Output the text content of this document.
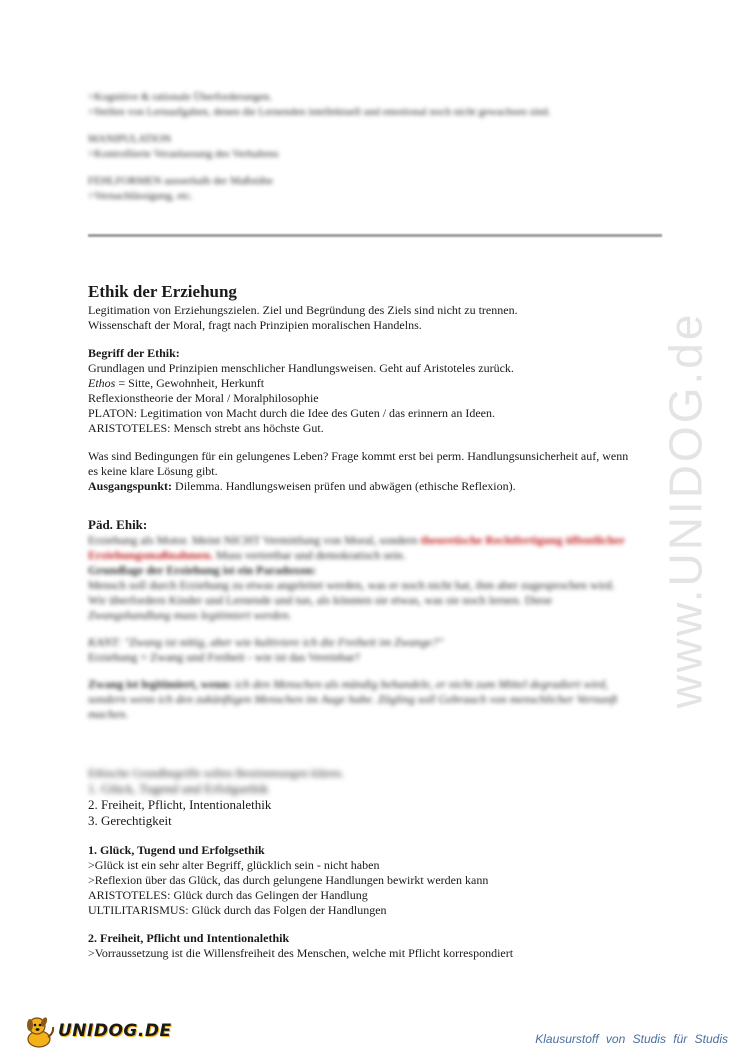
>Kognitive & rationale Überforderungen.
>Stellen von Lernaufgaben, denen die Lernenden intellektuell und emotional noch nicht gewachsen sind.
MANIPULATION
>Kontrollierte Veranlassung des Verhaltens
FEHLFORMEN ausserhalb der Maßstäbe
>Vernachlässigung, etc.
www.UNIDOG.de
Ethik der Erziehung
Legitimation von Erziehungszielen. Ziel und Begründung des Ziels sind nicht zu trennen.
Wissenschaft der Moral, fragt nach Prinzipien moralischen Handelns.
Begriff der Ethik:
Grundlagen und Prinzipien menschlicher Handlungsweisen. Geht auf Aristoteles zurück.
Ethos = Sitte, Gewohnheit, Herkunft
Reflexionstheorie der Moral / Moralphilosophie
PLATON: Legitimation von Macht durch die Idee des Guten / das erinnern an Ideen.
ARISTOTELES: Mensch strebt ans höchste Gut.
Was sind Bedingungen für ein gelungenes Leben? Frage kommt erst bei perm. Handlungsunsicherheit auf, wenn
es keine klare Lösung gibt.
Ausgangspunkt: Dilemma. Handlungsweisen prüfen und abwägen (ethische Reflexion).
Päd. Ehik:
Erziehung als Motor. Meint NICHT Vermittlung von Moral, sondern theoretische Rechtfertigung öffentlicher
Erziehungsmaßnahmen. Muss vertretbar und demokratisch sein.
Grundlage der Erziehung ist ein Paradoxon:
Mensch soll durch Erziehung zu etwas angeleitet werden, was er noch nicht hat, ihm aber zugesprochen wird.
Wir überfordern Kinder und Lernende und tun, als könnten sie etwas, was sie noch lernen. Diese
Zwangshandlung muss legitimiert werden.
KANT: "Zwang ist nötig, aber wie kultiviere ich die Freiheit im Zwange?"
Erziehung = Zwang und Freiheit - wie ist das Vereinbar?
Zwang ist legitimiert, wenn: ich den Menschen als mündig behandele, er nicht zum Mittel degradiert wird,
sondern wenn ich den zukünftigen Menschen im Auge habe. Zögling soll Gebrauch von menschlicher Vernunft
machen.
Ethische Grundbegriffe sollen Bestimmungen klären.
1. Glück, Tugend und Erfolgsethik
2. Freiheit, Pflicht, Intentionalethik
3. Gerechtigkeit
1. Glück, Tugend und Erfolgsethik
>Glück ist ein sehr alter Begriff, glücklich sein - nicht haben
>Reflexion über das Glück, das durch gelungene Handlungen bewirkt werden kann
ARISTOTELES: Glück durch das Gelingen der Handlung
ULTILITARISMUS: Glück durch das Folgen der Handlungen
2. Freiheit, Pflicht und Intentionalethik
>Vorraussetzung ist die Willensfreiheit des Menschen, welche mit Pflicht korrespondiert
UNIDOG.DE	Klausurstoff von Studis für Studis
